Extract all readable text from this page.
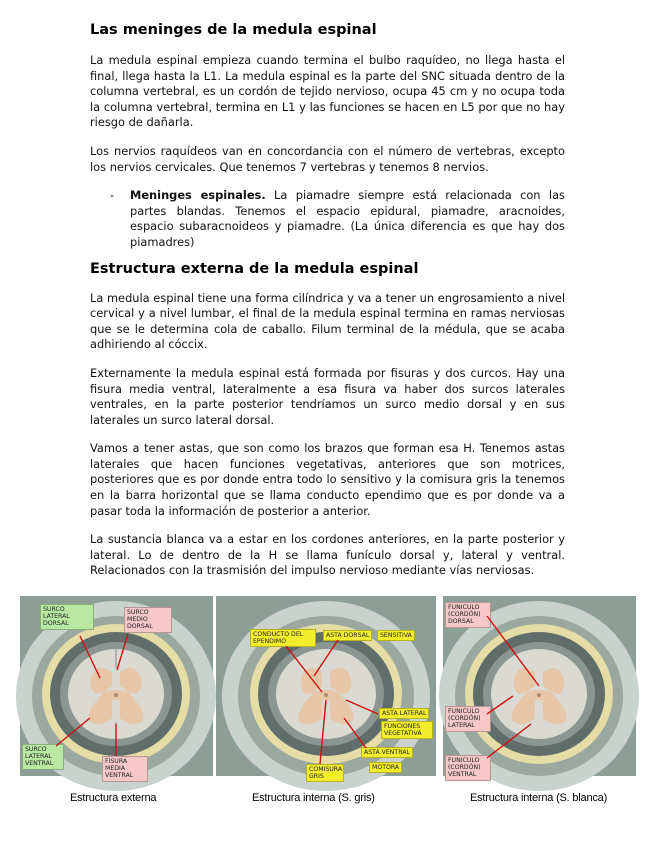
Las meninges de la medula espinal

La medula espinal empieza cuando termina el bulbo raquídeo, no llega hasta el final, llega hasta la L1. La medula espinal es la parte del SNC situada dentro de la columna vertebral, es un cordón de tejido nervioso, ocupa 45 cm y no ocupa toda la columna vertebral, termina en L1 y las funciones se hacen en L5 por que no hay riesgo de dañarla.

Los nervios raquídeos van en concordancia con el número de vertebras, excepto los nervios cervicales. Que tenemos 7 vertebras y tenemos 8 nervios.

- Meninges espinales. La piamadre siempre está relacionada con las partes blandas. Tenemos el espacio epidural, piamadre, aracnoides, espacio subaracnoideos y piamadre. (La única diferencia es que hay dos piamadres)
Estructura externa de la medula espinal

La medula espinal tiene una forma cilíndrica y va a tener un engrosamiento a nivel cervical y a nivel lumbar, el final de la medula espinal termina en ramas nerviosas que se le determina cola de caballo. Filum terminal de la médula, que se acaba adhiriendo al cóccix.

Externamente la medula espinal está formada por fisuras y dos curcos. Hay una fisura media ventral, lateralmente a esa fisura va haber dos surcos laterales ventrales, en la parte posterior tendríamos un surco medio dorsal y en sus laterales un surco lateral dorsal.

Vamos a tener astas, que son como los brazos que forman esa H. Tenemos astas laterales que hacen funciones vegetativas, anteriores que son motrices, posteriores que es por donde entra todo lo sensitivo y la comisura gris la tenemos en la barra horizontal que se llama conducto ependimo que es por donde va a pasar toda la información de posterior a anterior.

La sustancia blanca va a estar en los cordones anteriores, en la parte posterior y lateral. Lo de dentro de la H se llama funículo dorsal y, lateral y ventral. Relacionados con la trasmisión del impulso nervioso mediante vías nerviosas.

SURCO LATERAL DORSAL
SURCO MEDIO DORSAL
SURCO LATERAL VENTRAL	FISURA MEDIA VENTRAL
Estructura externa
CONDUCTO DEL EPENDIMO
ASTA DORSAL	SENSITIVA
ASTA LATERAL
FUNCIONES VEGETATIVA
ASTA VENTRAL
MOTORA
COMISURA GRIS
Estructura interna (S. gris)
FUNICULO (CORDÓN) DORSAL
FUNICULO (CORDÓN) LATERAL
FUNICULO (CORDÓN) VENTRAL
Estructura interna (S. blanca)
